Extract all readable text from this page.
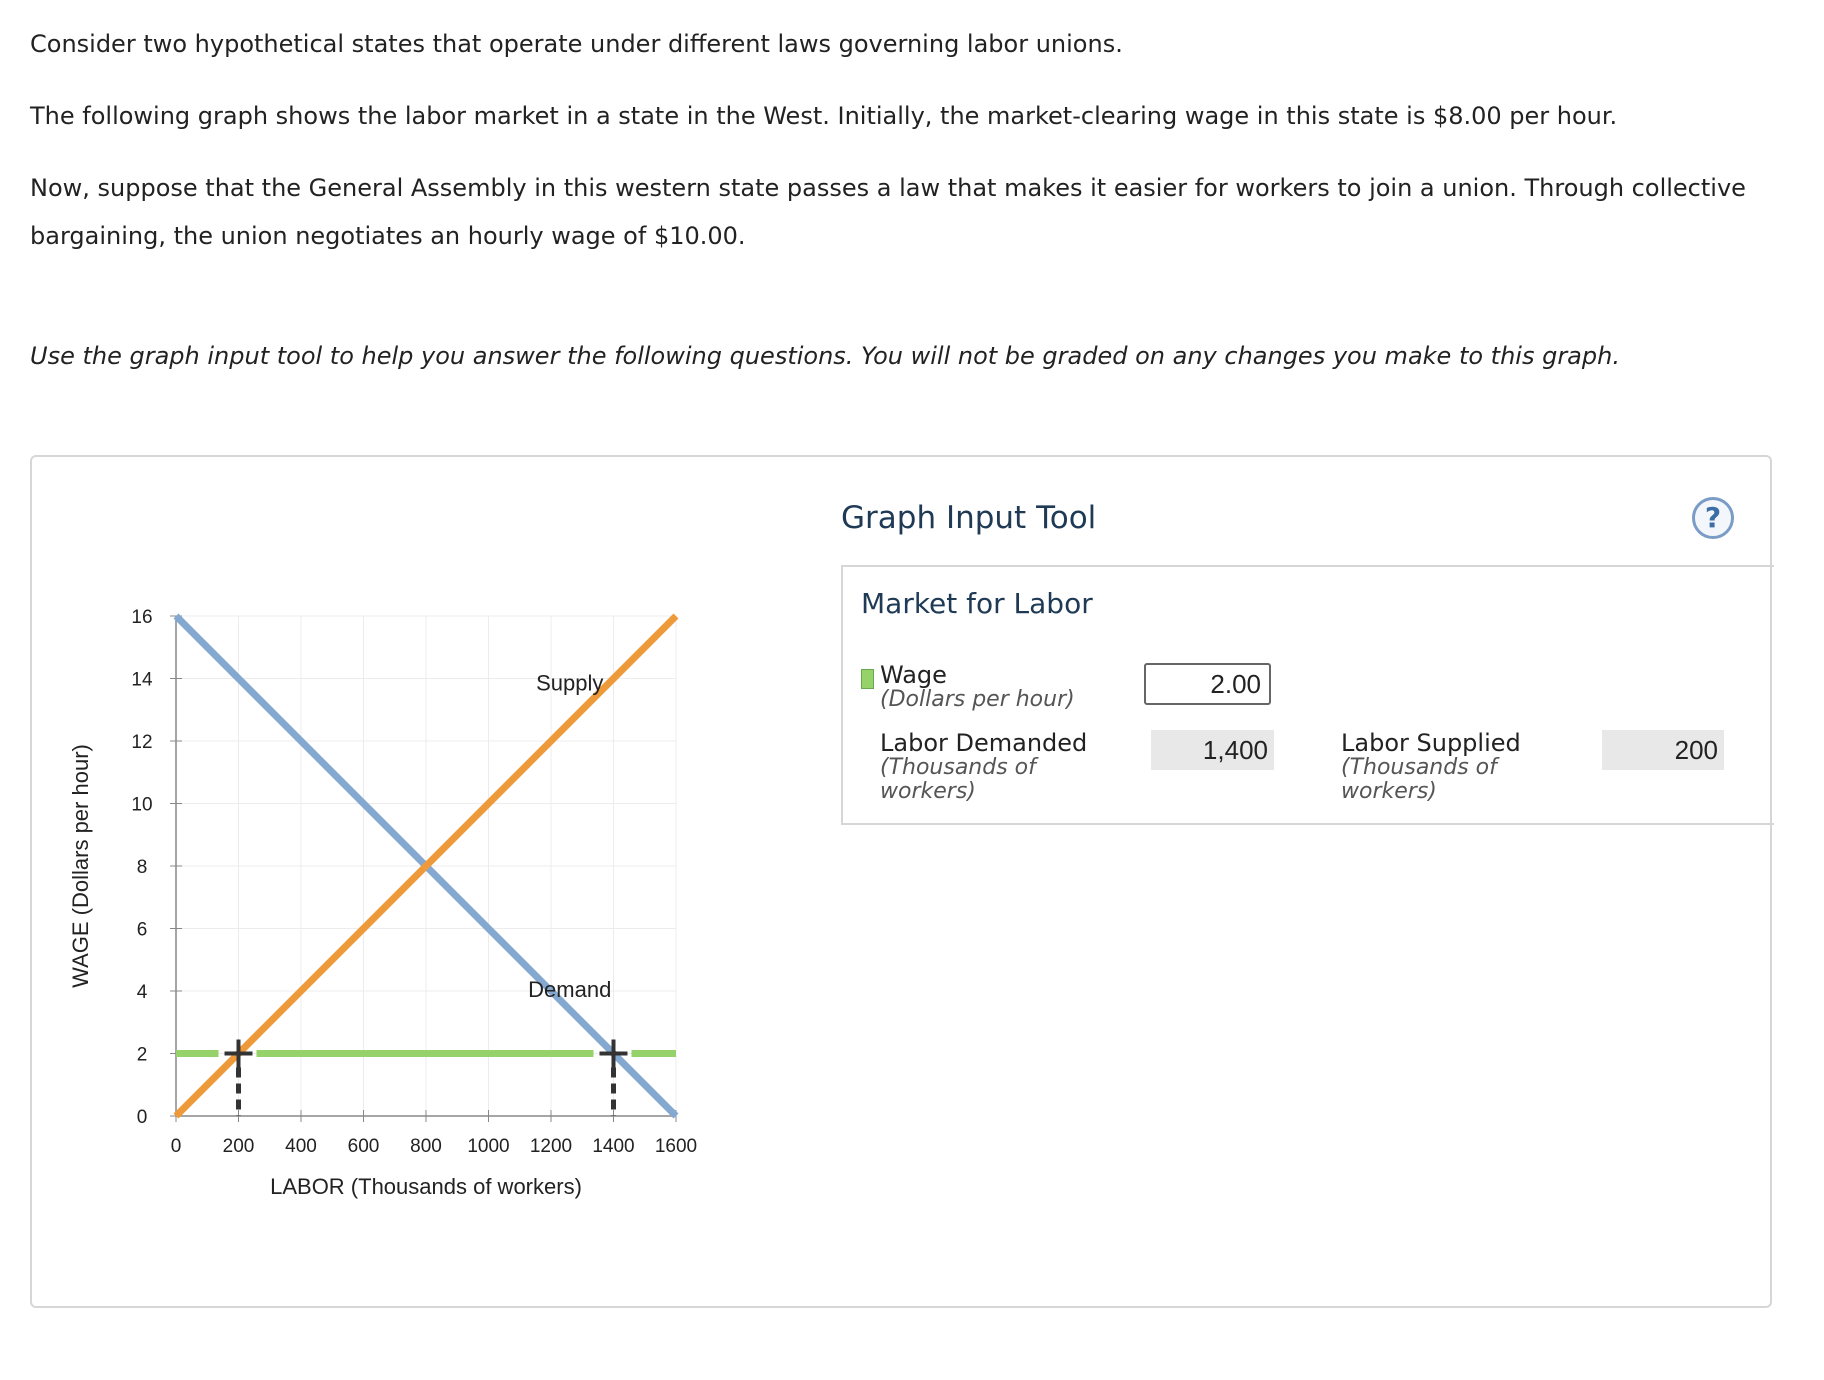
Consider two hypothetical states that operate under different laws governing labor unions.
The following graph shows the labor market in a state in the West. Initially, the market-clearing wage in this state is $8.00 per hour.
Now, suppose that the General Assembly in this western state passes a law that makes it easier for workers to join a union. Through collective
bargaining, the union negotiates an hourly wage of $10.00.
Use the graph input tool to help you answer the following questions. You will not be graded on any changes you make to this graph.
0 200 400 600 800 1000 1200 1400 1600
0
2
4
6
8
10
12
14
16
LABOR (Thousands of workers)
WAGE (Dollars per hour)
Supply
Demand
Graph Input Tool	?
Market for Labor
Wage
(Dollars per hour)
2.00
Labor Demanded
(Thousands of
workers)
1,400	Labor Supplied
(Thousands of
workers)
200
